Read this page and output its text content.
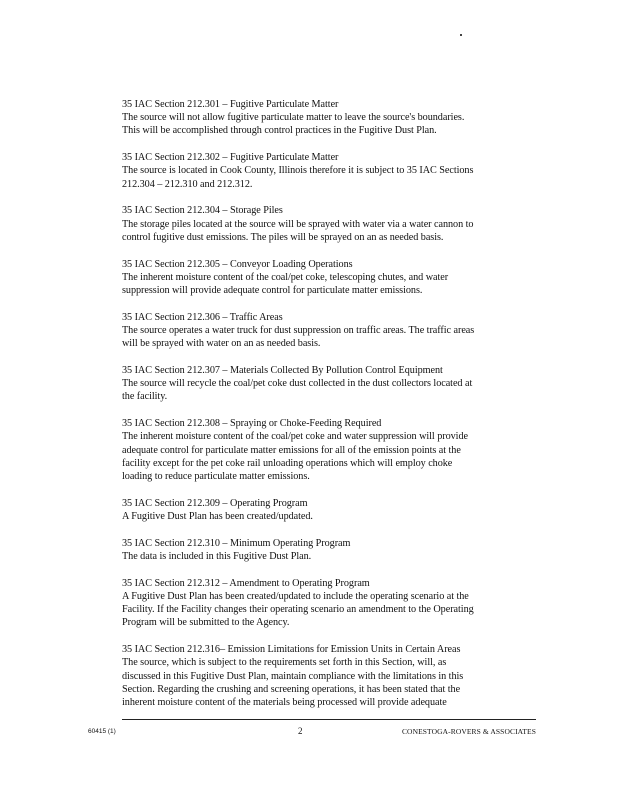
35 IAC Section 212.301 – Fugitive Particulate Matter
The source will not allow fugitive particulate matter to leave the source's boundaries.
This will be accomplished through control practices in the Fugitive Dust Plan.
35 IAC Section 212.302 – Fugitive Particulate Matter
The source is located in Cook County, Illinois therefore it is subject to 35 IAC Sections
212.304 – 212.310 and 212.312.
35 IAC Section 212.304 – Storage Piles
The storage piles located at the source will be sprayed with water via a water cannon to
control fugitive dust emissions. The piles will be sprayed on an as needed basis.
35 IAC Section 212.305 – Conveyor Loading Operations
The inherent moisture content of the coal/pet coke, telescoping chutes, and water
suppression will provide adequate control for particulate matter emissions.
35 IAC Section 212.306 – Traffic Areas
The source operates a water truck for dust suppression on traffic areas. The traffic areas
will be sprayed with water on an as needed basis.
35 IAC Section 212.307 – Materials Collected By Pollution Control Equipment
The source will recycle the coal/pet coke dust collected in the dust collectors located at
the facility.
35 IAC Section 212.308 – Spraying or Choke-Feeding Required
The inherent moisture content of the coal/pet coke and water suppression will provide
adequate control for particulate matter emissions for all of the emission points at the
facility except for the pet coke rail unloading operations which will employ choke
loading to reduce particulate matter emissions.
35 IAC Section 212.309 – Operating Program
A Fugitive Dust Plan has been created/updated.
35 IAC Section 212.310 – Minimum Operating Program
The data is included in this Fugitive Dust Plan.
35 IAC Section 212.312 – Amendment to Operating Program
A Fugitive Dust Plan has been created/updated to include the operating scenario at the
Facility. If the Facility changes their operating scenario an amendment to the Operating
Program will be submitted to the Agency.
35 IAC Section 212.316– Emission Limitations for Emission Units in Certain Areas
The source, which is subject to the requirements set forth in this Section, will, as
discussed in this Fugitive Dust Plan, maintain compliance with the limitations in this
Section. Regarding the crushing and screening operations, it has been stated that the
inherent moisture content of the materials being processed will provide adequate
60415 (1)	2	CONESTOGA-ROVERS & ASSOCIATES
